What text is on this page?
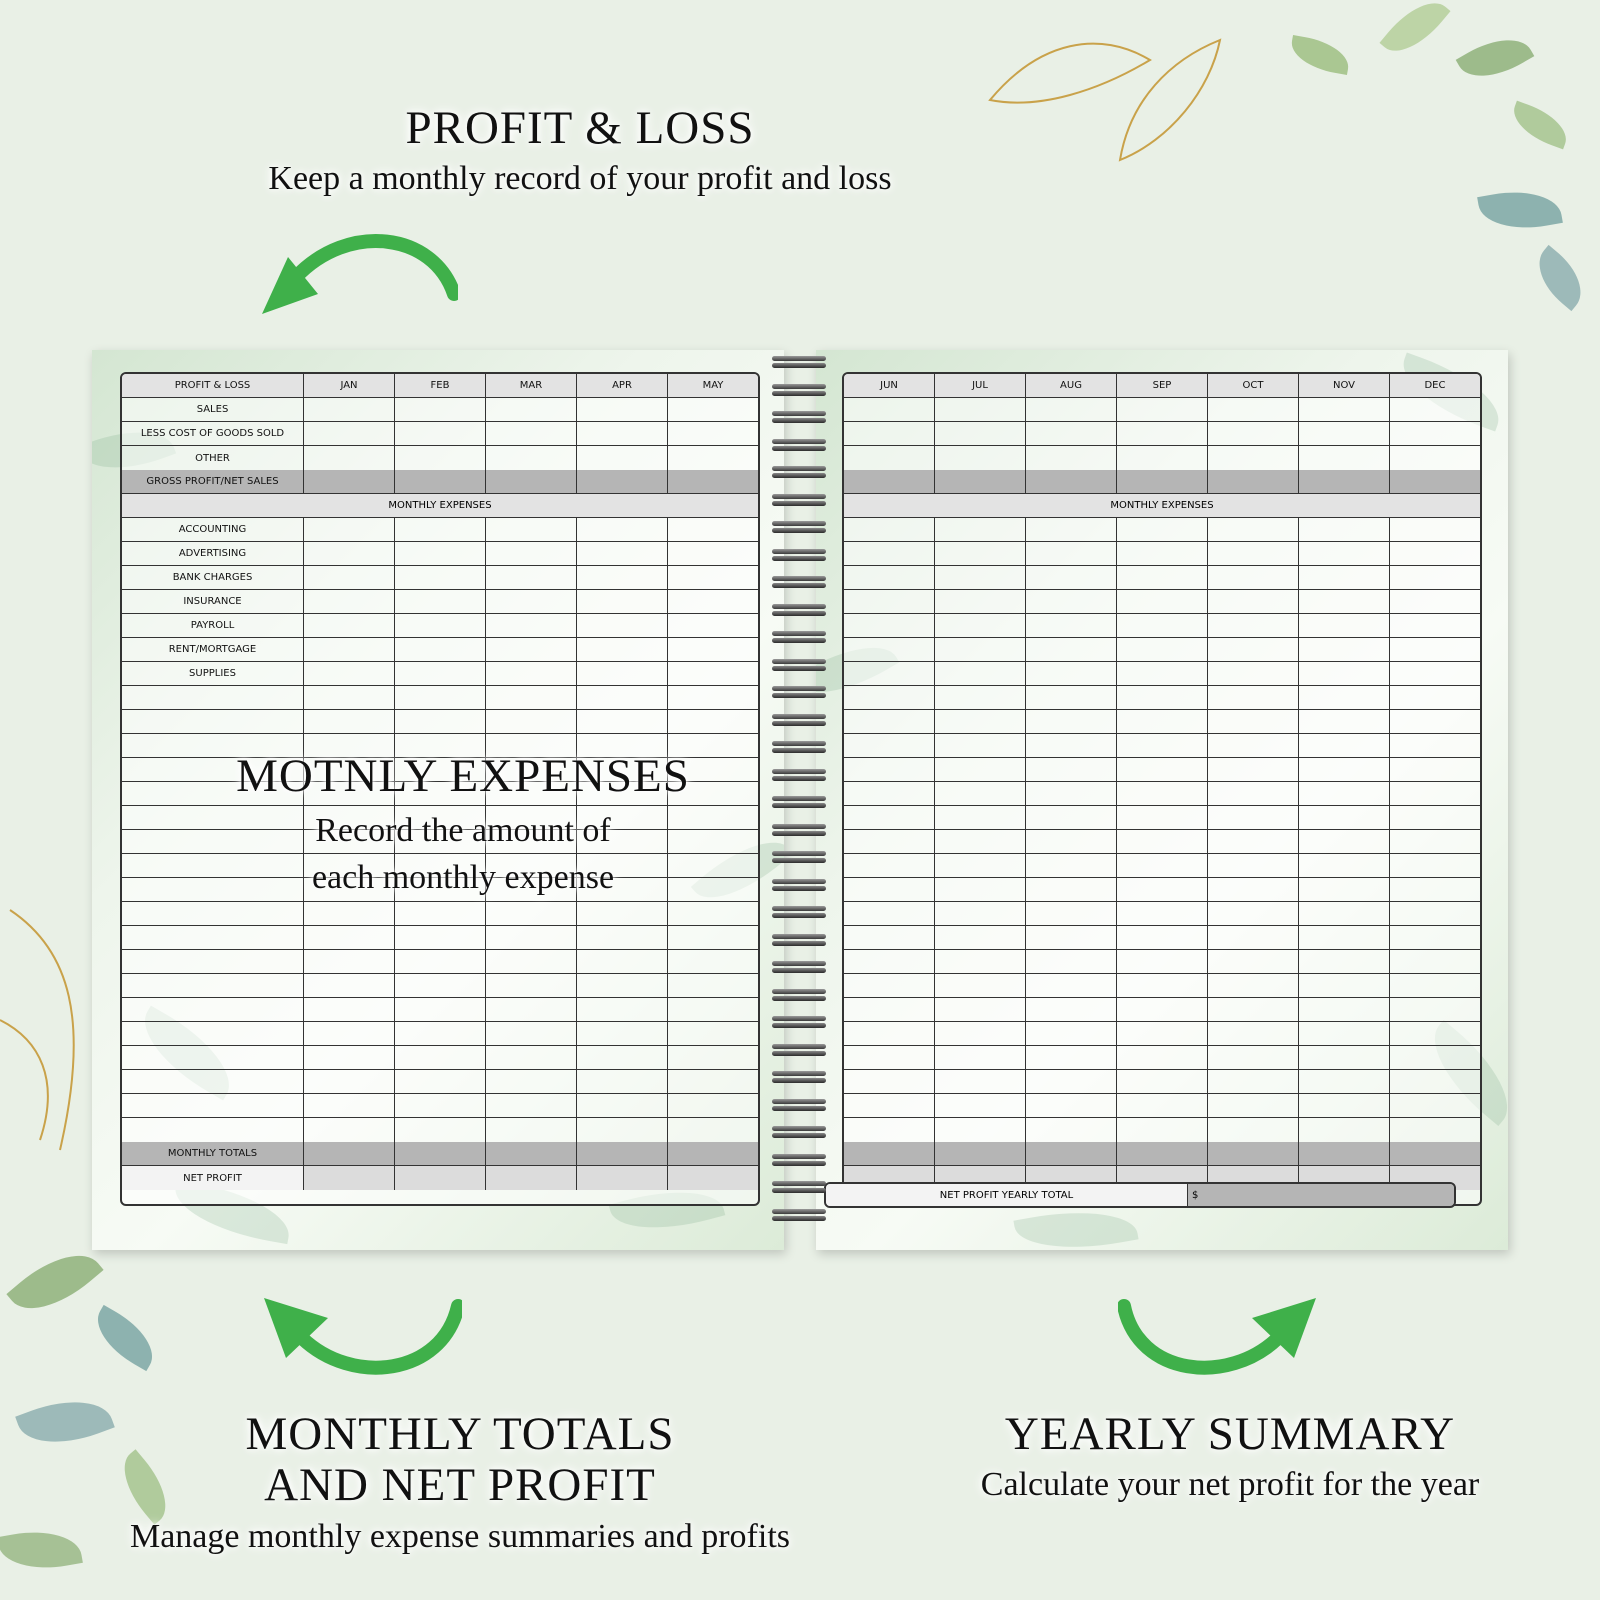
PROFIT & LOSS
Keep a monthly record of your profit and loss
PROFIT & LOSS	JAN	FEB	MAR	APR	MAY
SALES
LESS COST OF GOODS SOLD
OTHER
GROSS PROFIT/NET SALES
MONTHLY EXPENSES
ACCOUNTING
ADVERTISING
BANK CHARGES
INSURANCE
PAYROLL
RENT/MORTGAGE
SUPPLIES
MONTHLY TOTALS
NET PROFIT
JUN	JUL	AUG	SEP	OCT	NOV	DEC
MONTHLY EXPENSES
NET PROFIT YEARLY TOTAL	$
MOTNLY EXPENSES
Record the amount of
each monthly expense
MONTHLY TOTALS
AND NET PROFIT
Manage monthly expense summaries and profits
YEARLY SUMMARY
Calculate your net profit for the year
